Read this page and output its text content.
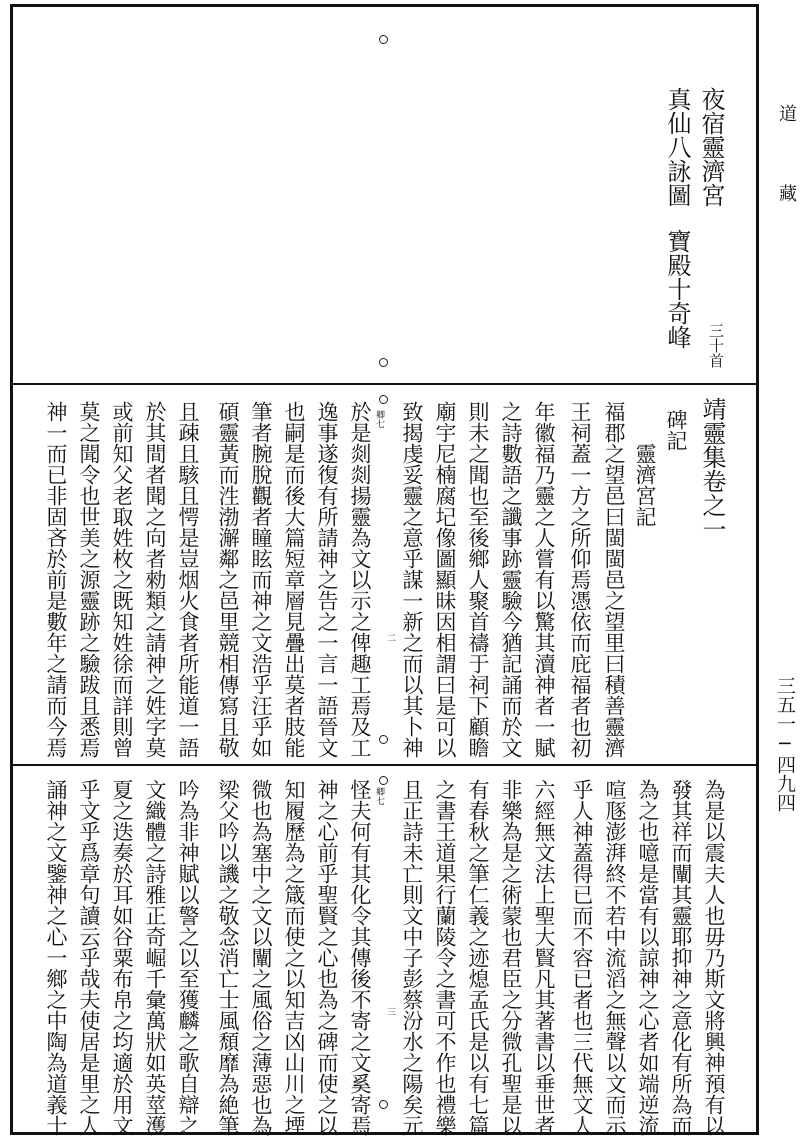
道
藏
三五一─四九四
夜宿靈濟宮
真仙八詠圖
寶殿十奇峰 三十首
靖靈集卷之一
碑記
靈濟宮記
福郡之望邑曰閩閩邑之望里曰積善靈濟
王祠蓋一方之所仰焉憑依而庇福者也初
年徽福乃靈之人嘗有以驚其瀆神者一賦
之詩數語之讖事跡靈驗今猶記誦而於文
則未之聞也至後鄉人聚首禱于祠下顧瞻
廟宇尼楠腐圮像圖顯昧因相謂曰是可以
致揭虔妥靈之意乎謀一新之而以其卜神
於是剡剡揚靈為文以示之俾趣工焉及工
逸事遂復有所請神之告之一言一語晉文
也嗣是而後大篇短章層見疊出莫者肢能
筆者腕脫觀者瞳眩而神之文浩乎汪乎如
碩靈黃而泩渤澥鄰之邑里競相傳寫且敬
且疎且駭且愕是豈烟火食者所能道一語
於其間者聞之向者勑類之請神之姓字莫
或前知父老取姓枚之既知姓徐而詳則曾
莫之聞令也世美之源靈跡之驗跋且悉焉
神一而已非固吝於前是數年之請而今焉	卿七
二
卿七	為是以震夫人也毋乃斯文將興神預有以
發其祥而闡其靈耶抑神之意化有所為而
為之也噫是當有以諒神之心者如端逆流
喧豗澎湃終不若中流滔之無聲以文而示
乎人神蓋得已而不容已者也三代無文人
六經無文法上聖大賢凡其著書以垂世者
非樂為是之術蒙也君臣之分微孔聖是以
有春秋之筆仁義之迹熄孟氏是以有七篇
之書王道果行蘭陵令之書可不作也禮樂
且正詩未亡則文中子彭蔡汾水之陽矣元
怪夫何有其化令其傳後不寄之文奚寄焉
神之心前乎聖賢之心也為之碑而使之以
知履歷為之箴而使之以知吉凶山川之堙
微也為塞中之文以闡之風俗之薄惡也為
梁父吟以譏之敬念消亡士風頹靡為絶筆
吟為非神賦以警之以至獲麟之歌自辯之
文織體之詩雅正奇崛千彙萬狀如英莖濩
夏之迭奏於耳如谷粟布帛之均適於用文
乎文乎爲章句讀云乎哉夫使居是里之人
誦神之文鑒神之心一鄉之中陶為道義十	三
